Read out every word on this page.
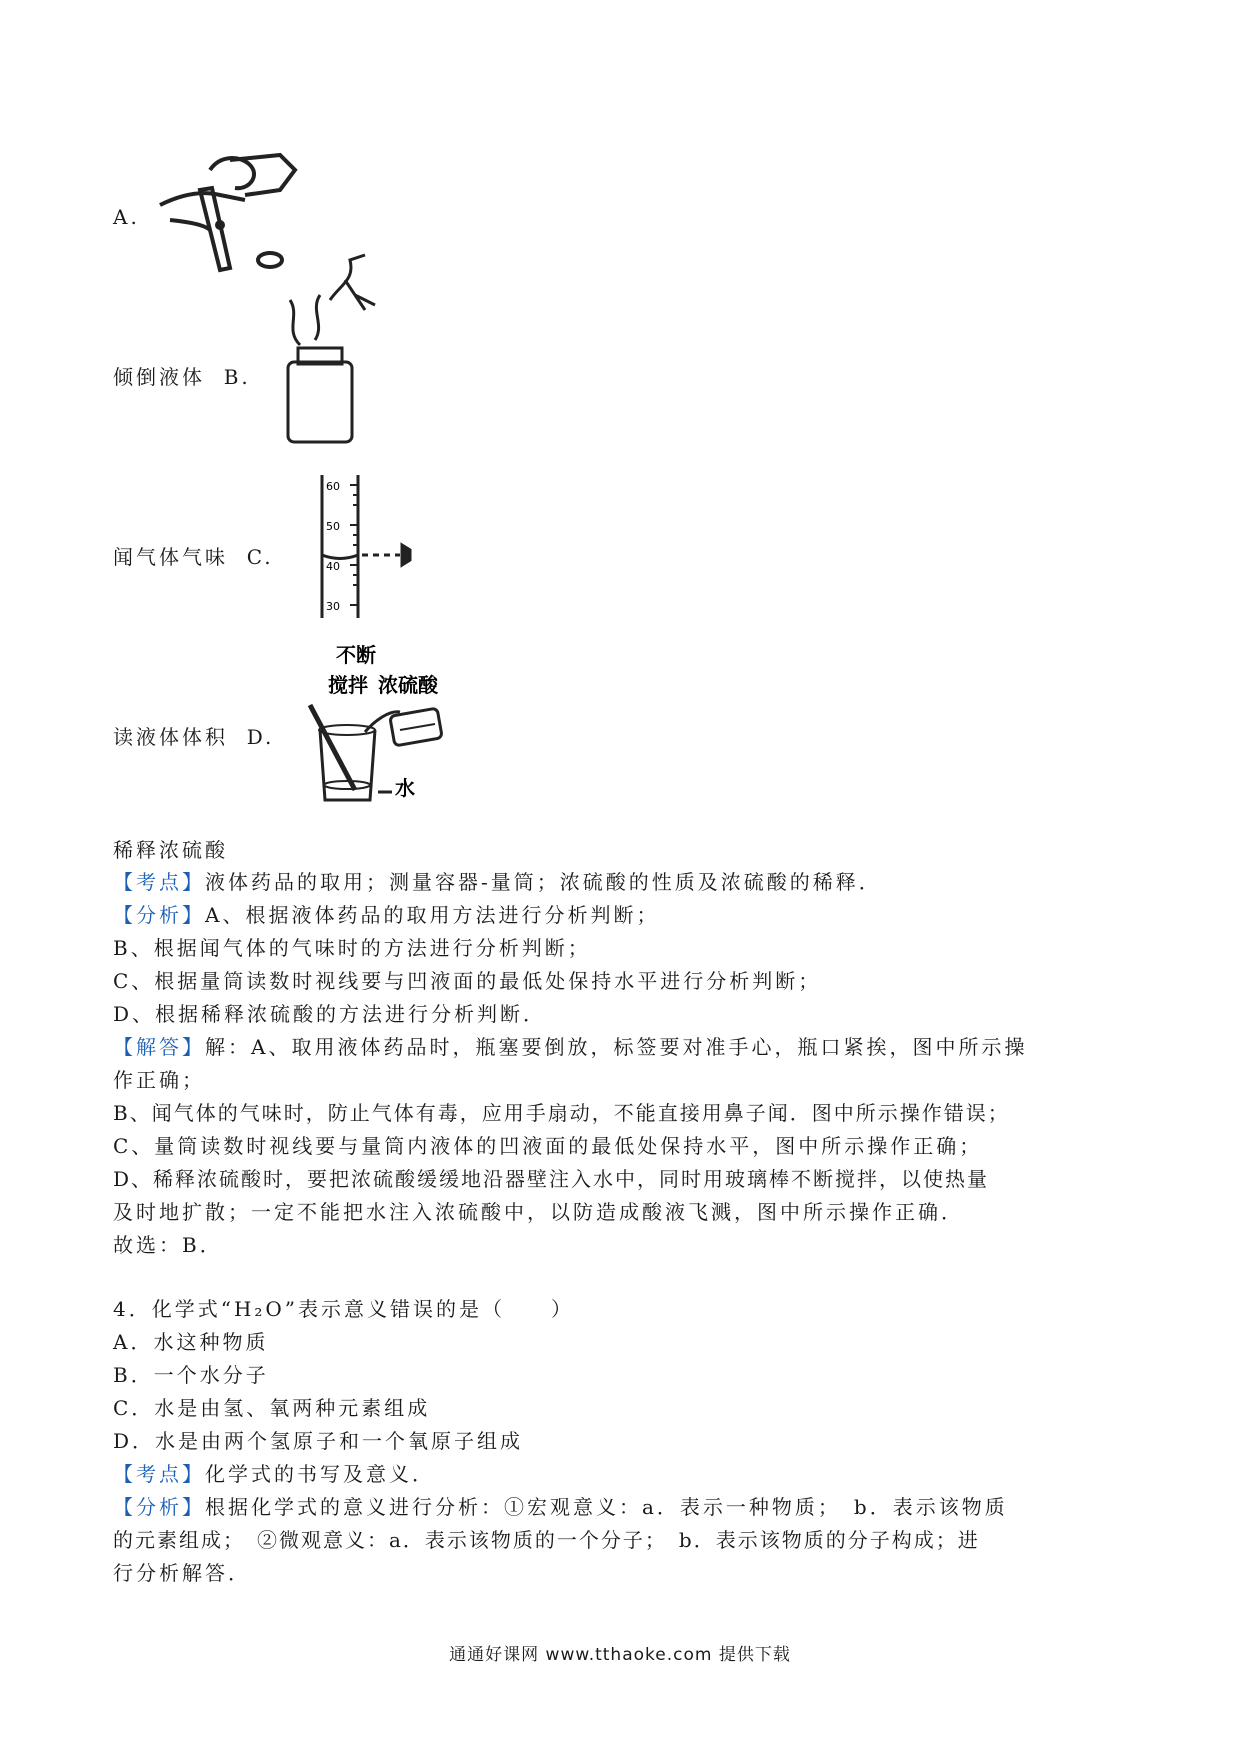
A.
倾倒液体 B.
闻气体气味 C.
60
50
40
30
读液体体积 D.
不断
搅拌 浓硫酸
水
稀释浓硫酸
【考点】液体药品的取用；测量容器-量筒；浓硫酸的性质及浓硫酸的稀释．
【分析】A、根据液体药品的取用方法进行分析判断；
B、根据闻气体的气味时的方法进行分析判断；
C、根据量筒读数时视线要与凹液面的最低处保持水平进行分析判断；
D、根据稀释浓硫酸的方法进行分析判断．
【解答】解：A、取用液体药品时，瓶塞要倒放，标签要对准手心，瓶口紧挨，图中所示操
作正确；
B、闻气体的气味时，防止气体有毒，应用手扇动，不能直接用鼻子闻．图中所示操作错误；
C、量筒读数时视线要与量筒内液体的凹液面的最低处保持水平，图中所示操作正确；
D、稀释浓硫酸时，要把浓硫酸缓缓地沿器壁注入水中，同时用玻璃棒不断搅拌，以使热量
及时地扩散；一定不能把水注入浓硫酸中，以防造成酸液飞溅，图中所示操作正确．
故选：B．
4．化学式“H₂O”表示意义错误的是（　　）
A．水这种物质
B．一个水分子
C．水是由氢、氧两种元素组成
D．水是由两个氢原子和一个氧原子组成
【考点】化学式的书写及意义．
【分析】根据化学式的意义进行分析：①宏观意义：a．表示一种物质；　b．表示该物质
的元素组成；　②微观意义：a．表示该物质的一个分子；　b．表示该物质的分子构成；进
行分析解答．
通通好课网 www.tthaoke.com 提供下载
